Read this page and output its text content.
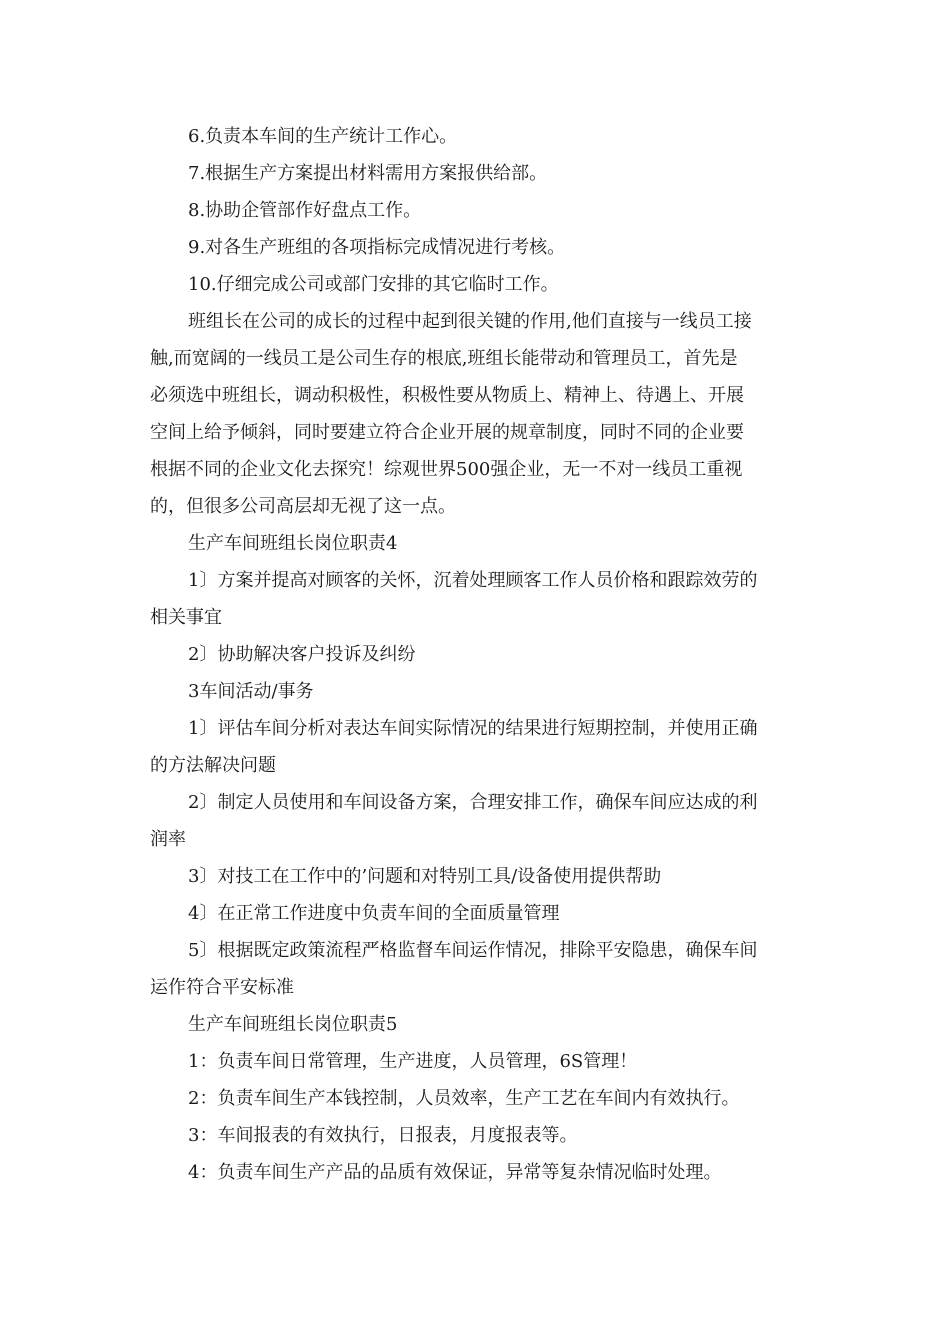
6.负责本车间的生产统计工作心。

7.根据生产方案提出材料需用方案报供给部。

8.协助企管部作好盘点工作。

9.对各生产班组的各项指标完成情况进行考核。

10.仔细完成公司或部门安排的其它临时工作。

班组长在公司的成长的过程中起到很关键的作用,他们直接与一线员工接

触,而宽阔的一线员工是公司生存的根底,班组长能带动和管理员工，首先是

必须选中班组长，调动积极性，积极性要从物质上、精神上、待遇上、开展

空间上给予倾斜，同时要建立符合企业开展的规章制度，同时不同的企业要

根据不同的企业文化去探究！综观世界500强企业，无一不对一线员工重视

的，但很多公司高层却无视了这一点。

生产车间班组长岗位职责4

1〕方案并提高对顾客的关怀，沉着处理顾客工作人员价格和跟踪效劳的

相关事宜

2〕协助解决客户投诉及纠纷

3车间活动/事务

1〕评估车间分析对表达车间实际情况的结果进行短期控制，并使用正确

的方法解决问题

2〕制定人员使用和车间设备方案，合理安排工作，确保车间应达成的利

润率

3〕对技工在工作中的’问题和对特别工具/设备使用提供帮助

4〕在正常工作进度中负责车间的全面质量管理

5〕根据既定政策流程严格监督车间运作情况，排除平安隐患，确保车间

运作符合平安标准

生产车间班组长岗位职责5

1：负责车间日常管理，生产进度，人员管理，6S管理！

2：负责车间生产本钱控制，人员效率，生产工艺在车间内有效执行。

3：车间报表的有效执行，日报表，月度报表等。

4：负责车间生产产品的品质有效保证，异常等复杂情况临时处理。
